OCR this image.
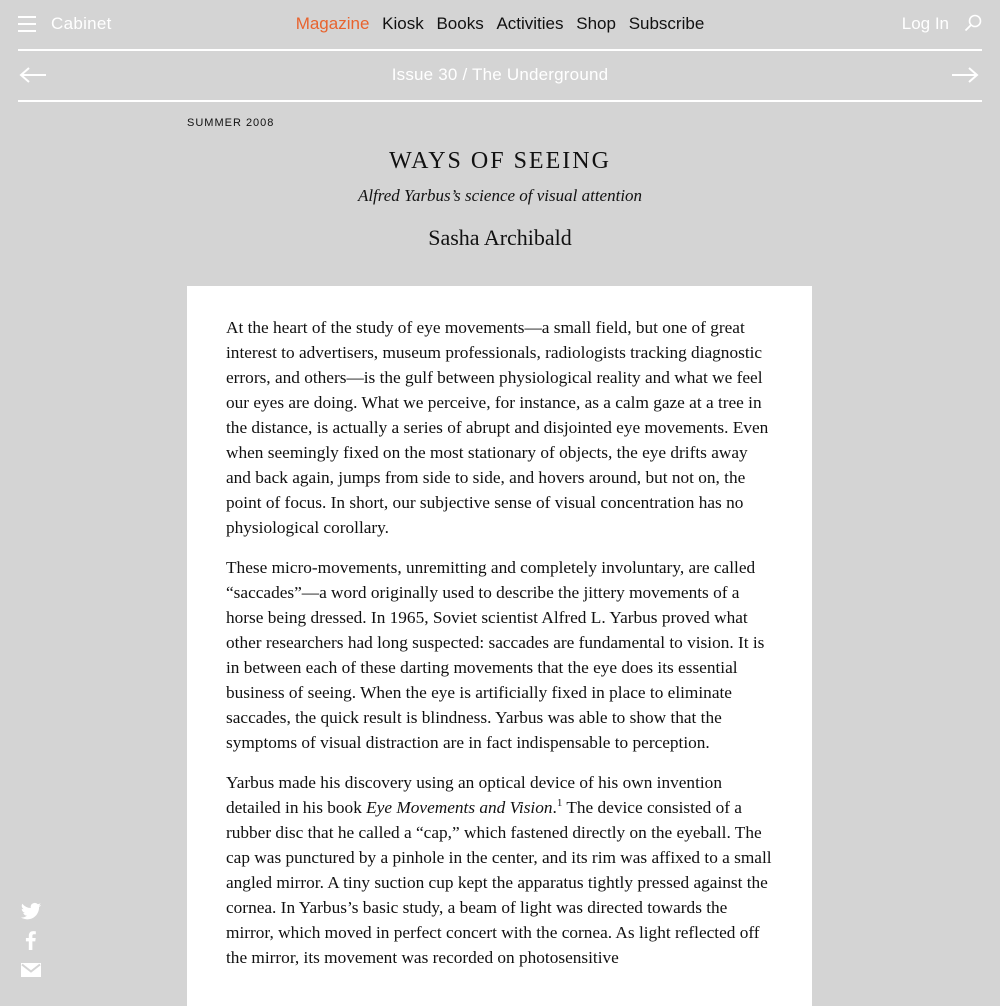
Cabinet	Magazine Kiosk Books Activities Shop Subscribe	Log In
Issue 30 / The Underground
SUMMER 2008
WAYS OF SEEING
Alfred Yarbus’s science of visual attention
Sasha Archibald

At the heart of the study of eye movements—a small field, but one of great interest to advertisers, museum professionals, radiologists tracking diagnostic errors, and others—is the gulf between physiological reality and what we feel our eyes are doing. What we perceive, for instance, as a calm gaze at a tree in the distance, is actually a series of abrupt and disjointed eye movements. Even when seemingly fixed on the most stationary of objects, the eye drifts away and back again, jumps from side to side, and hovers around, but not on, the point of focus. In short, our subjective sense of visual concentration has no physiological corollary.

These micro-movements, unremitting and completely involuntary, are called “saccades”—a word originally used to describe the jittery movements of a horse being dressed. In 1965, Soviet scientist Alfred L. Yarbus proved what other researchers had long suspected: saccades are fundamental to vision. It is in between each of these darting movements that the eye does its essential business of seeing. When the eye is artificially fixed in place to eliminate saccades, the quick result is blindness. Yarbus was able to show that the symptoms of visual distraction are in fact indispensable to perception.

Yarbus made his discovery using an optical device of his own invention detailed in his book Eye Movements and Vision.$^1$ The device consisted of a rubber disc that he called a “cap,” which fastened directly on the eyeball. The cap was punctured by a pinhole in the center, and its rim was affixed to a small angled mirror. A tiny suction cup kept the apparatus tightly pressed against the cornea. In Yarbus’s basic study, a beam of light was directed towards the mirror, which moved in perfect concert with the cornea. As light reflected off the mirror, its movement was recorded on photosensitive
